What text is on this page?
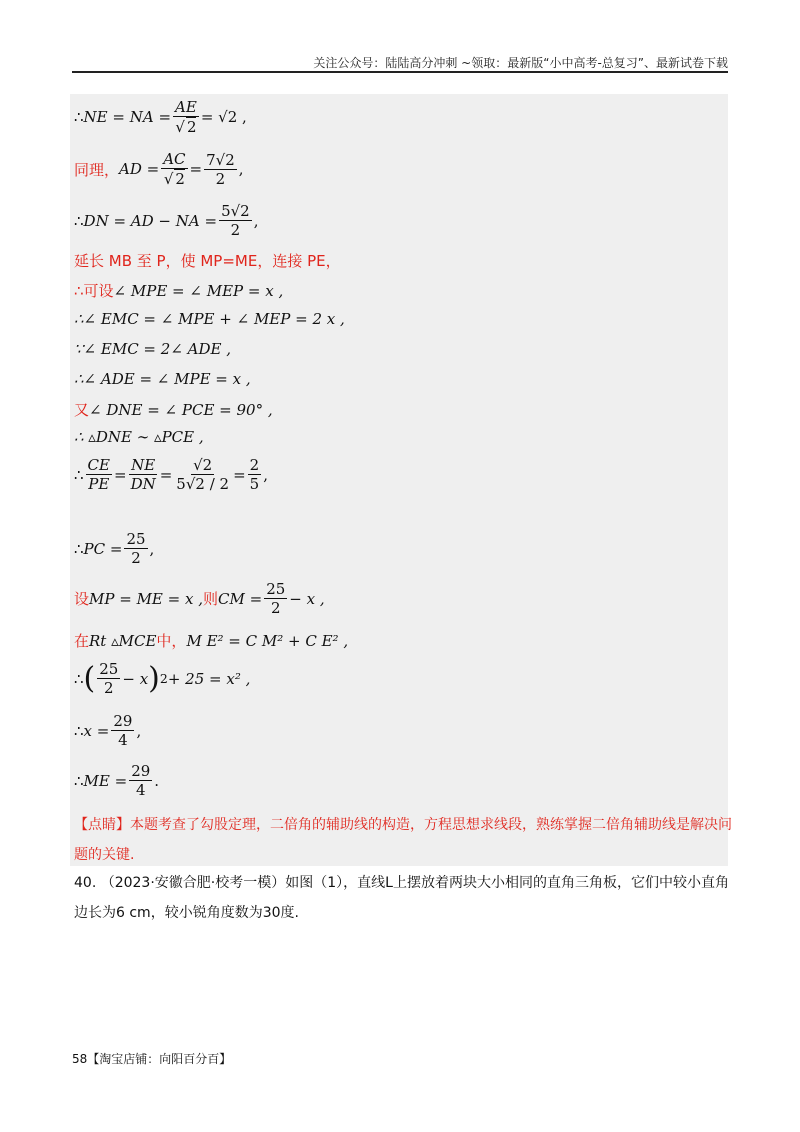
关注公众号：陆陆高分冲刺 ~领取：最新版“小中高考-总复习”、最新试卷下载
∴ NE = NA = $\frac{AE}{√ 2} = √2$ ,
同理， AD = $\frac{AC}{√ 2} = \frac{7√2}{2}$ ,
∴ DN = AD − NA = $\frac{5√2}{2}$ ,
延长 MB 至 P，使 MP=ME，连接 PE，
∴可设 ∠ MPE = ∠ MEP = x ,
∴∠ EMC = ∠ MPE + ∠ MEP = 2 x ,
∵∠ EMC = 2∠ ADE ,
∴∠ ADE = ∠ MPE = x ,
又 ∠ DNE = ∠ PCE = 90° ,
∴ ▵DNE ∼ ▵PCE ,
∴ $\frac{CE}{PE} = \frac{NE}{DN} = \frac{√2}{5√2 / 2} = \frac{2}{5}$ ,
∴ PC = $\frac{25}{2}$ ,
设 MP = ME = x , 则 CM = $\frac{25}{2} - x$ ,
在 Rt ▵MCE 中， M E² = C M² + C E² ,
∴ ( $\frac{25}{2} - x$ ) 2 + 25 = x² ,
∴ $x = \frac{29}{4}$ ,
∴ ME = $\frac{29}{4}$ .
【点睛】本题考查了勾股定理，二倍角的辅助线的构造，方程思想求线段，熟练掌握二倍角辅助线是解决问题的关键.
40. （2023·安徽合肥·校考一模）如图（1），直线L上摆放着两块大小相同的直角三角板，它们中较小直角边长为6 cm，较小锐角度数为30度.
58【淘宝店铺：向阳百分百】
